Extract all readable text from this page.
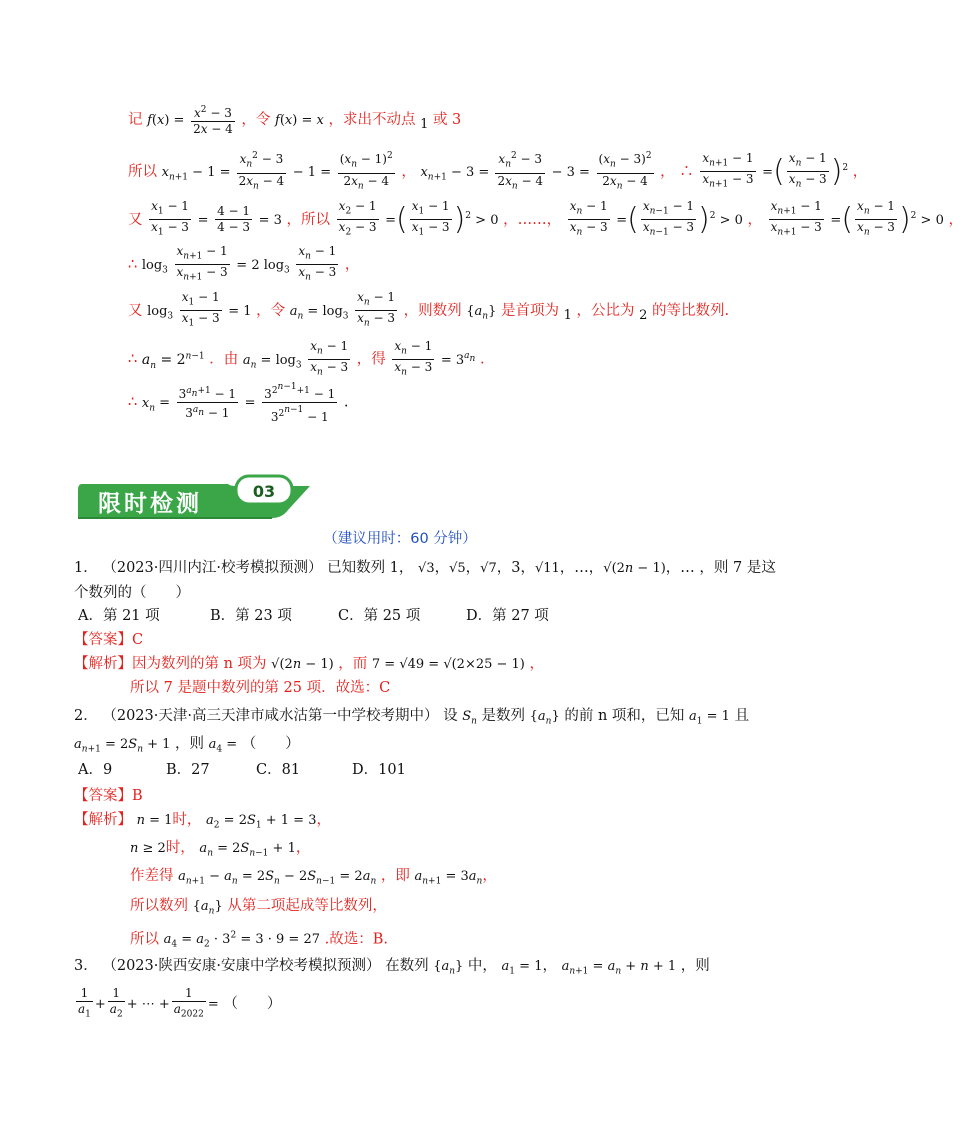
记 $f(x) = \frac{x^2 - 3}{2x - 4}$ ，令 f(x) = x ，求出不动点 1 或 3
所以 $x_{n+1} - 1 = \frac{x_n^2 - 3}{2x_n - 4} - 1 = \frac{(x_n - 1)^2}{2x_n - 4}$ ， $x_{n+1} - 3 = \frac{x_n^2 - 3}{2x_n - 4} - 3 = \frac{(x_n - 3)^2}{2x_n - 4}$ ， ∴ $\frac{x_{n+1} - 1}{x_{n+1} - 3}$ =( $\frac{x_n - 1}{x_n - 3} )^2$ ，
又 $\frac{x_1 - 1}{x_1 - 3} = \frac{4 - 1}{4 - 3} = 3$ ，所以 $\frac{x_2 - 1}{x_2 - 3}$ =( $\frac{x_1 - 1}{x_1 - 3} )^2 > 0$ ，……， $\frac{x_n - 1}{x_n - 3}$ =( $\frac{x_{n-1} - 1}{x_{n-1} - 3} )^2 > 0$ ， $\frac{x_{n+1} - 1}{x_{n+1} - 3}$ =( $\frac{x_n - 1}{x_n - 3} )^2 > 0$ ，
∴ $\log_3 \frac{x_{n+1} - 1}{x_{n+1} - 3} = 2$ $\log_3 \frac{x_n - 1}{x_n - 3}$ ，
又 $\log_3 \frac{x_1 - 1}{x_1 - 3} = 1$ ，令 $a_n = \log_3 \frac{x_n - 1}{x_n - 3}$ ，则数列 $\{a_n\}$ 是首项为 1 ，公比为 2 的等比数列.
∴ $a_n = 2^{n-1}$ ．由 $a_n = \log_3 \frac{x_n - 1}{x_n - 3}$ ，得 $\frac{x_n - 1}{x_n - 3} = 3^{a_n}$ .
∴ $x_n = \frac{3^{a_n+1} - 1}{3^{a_n} - 1} = \frac{3^{2^{n-1}+1} - 1}{3^{2^{n-1}} - 1}$ .
限时检测	03
（建议用时：60 分钟）
1． （2023·四川内江·校考模拟预测） 已知数列 1， √3，√5，√7，3，√11，…，√(2n − 1)，… ，则 7 是这
个数列的（　　）
A．第 21 项	B．第 23 项	C．第 25 项	D．第 27 项
【答案】C
【解析】因为数列的第 n 项为 √(2n − 1) ，而 7 = √49 = √(2×25 − 1) ，
所以 7 是题中数列的第 25 项．故选：C
2． （2023·天津·高三天津市咸水沽第一中学校考期中） 设 $S_n$ 是数列 $\{a_n\}$ 的前 n 项和，已知 $a_1 = 1$ 且
$a_{n+1} = 2S_n + 1$ ，则 $a_4$ = （　　）
A．9	B．27	C．81	D．101
【答案】B
【解析】 n = 1时， $a_2 = 2S_1 + 1 = 3$，
n ≥ 2时， $a_n = 2S_{n-1} + 1$，
作差得 $a_{n+1} - a_n = 2S_n - 2S_{n-1} = 2a_n$ ，即 $a_{n+1} = 3a_n$，
所以数列 $\{a_n\}$ 从第二项起成等比数列，
所以 $a_4 = a_2 \cdot 3^2 = 3 \cdot 9 = 27$ .故选：B.
3． （2023·陕西安康·安康中学校考模拟预测） 在数列 $\{a_n\}$ 中， $a_1 = 1$， $a_{n+1} = a_n + n + 1$ ，则
$\frac{1}{a_1} + \frac{1}{a_2}$ + ⋯ + $\frac{1}{a_{2022}}$ = （　　）
